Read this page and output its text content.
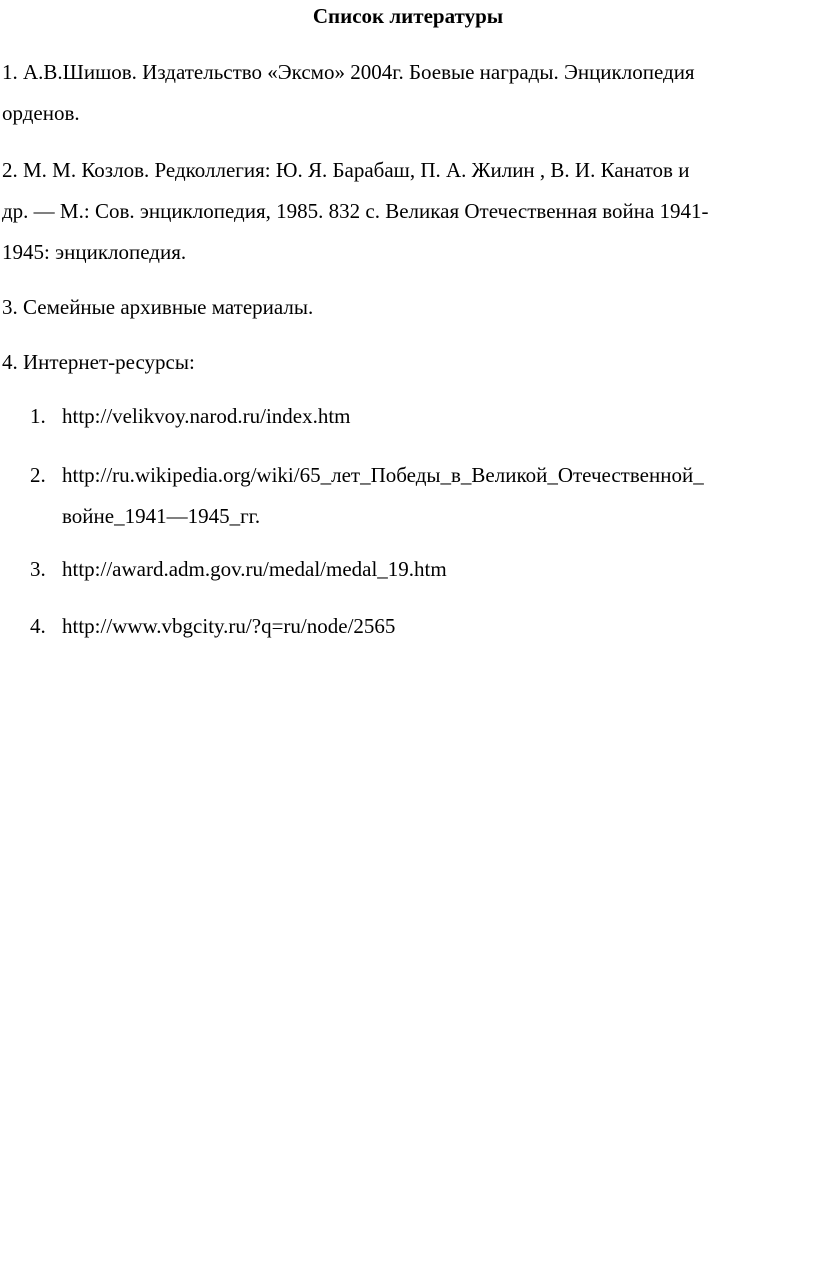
Список литературы
1. А.В.Шишов. Издательство «Эксмо» 2004г. Боевые награды. Энциклопедия
орденов.
2. М. М. Козлов. Редколлегия: Ю. Я. Барабаш, П. А. Жилин , В. И. Канатов и
др. — М.: Сов. энциклопедия, 1985. 832 с. Великая Отечественная война 1941-
1945: энциклопедия.
3. Семейные архивные материалы.
4. Интернет-ресурсы:
1. http://velikvoy.narod.ru/index.htm
2. http://ru.wikipedia.org/wiki/65_лет_Победы_в_Великой_Отечественной_
войне_1941—1945_гг.
3. http://award.adm.gov.ru/medal/medal_19.htm
4. http://www.vbgcity.ru/?q=ru/node/2565
